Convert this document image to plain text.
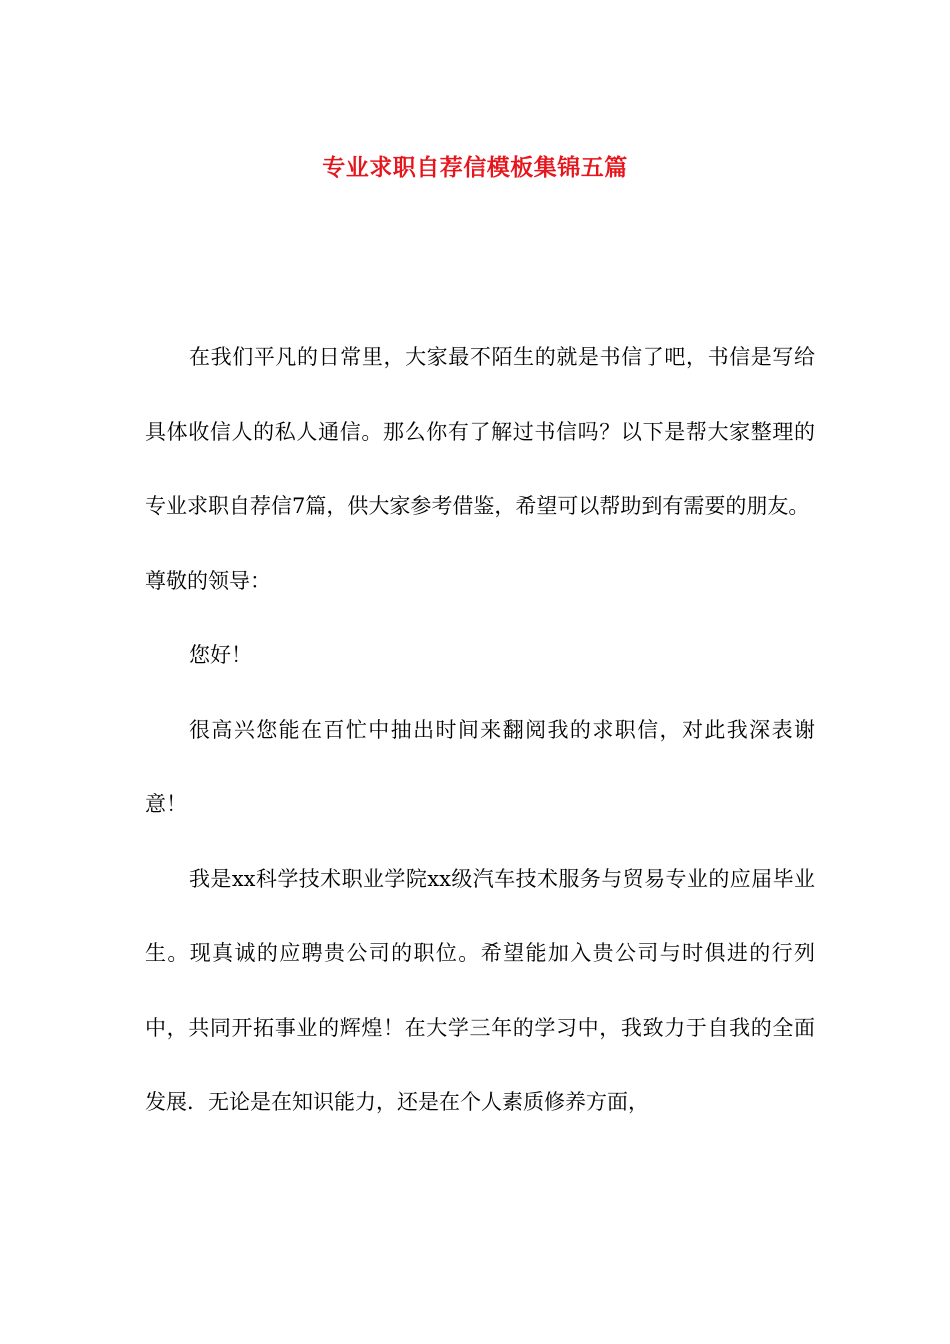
专业求职自荐信模板集锦五篇

在我们平凡的日常里，大家最不陌生的就是书信了吧，书信是写给具体收信人的私人通信。那么你有了解过书信吗？以下是帮大家整理的专业求职自荐信7篇，供大家参考借鉴，希望可以帮助到有需要的朋友。

尊敬的领导：

您好！

很高兴您能在百忙中抽出时间来翻阅我的求职信，对此我深表谢意！

我是xx科学技术职业学院xx级汽车技术服务与贸易专业的应届毕业生。现真诚的应聘贵公司的职位。希望能加入贵公司与时俱进的行列中，共同开拓事业的辉煌！在大学三年的学习中，我致力于自我的全面发展．无论是在知识能力，还是在个人素质修养方面，
